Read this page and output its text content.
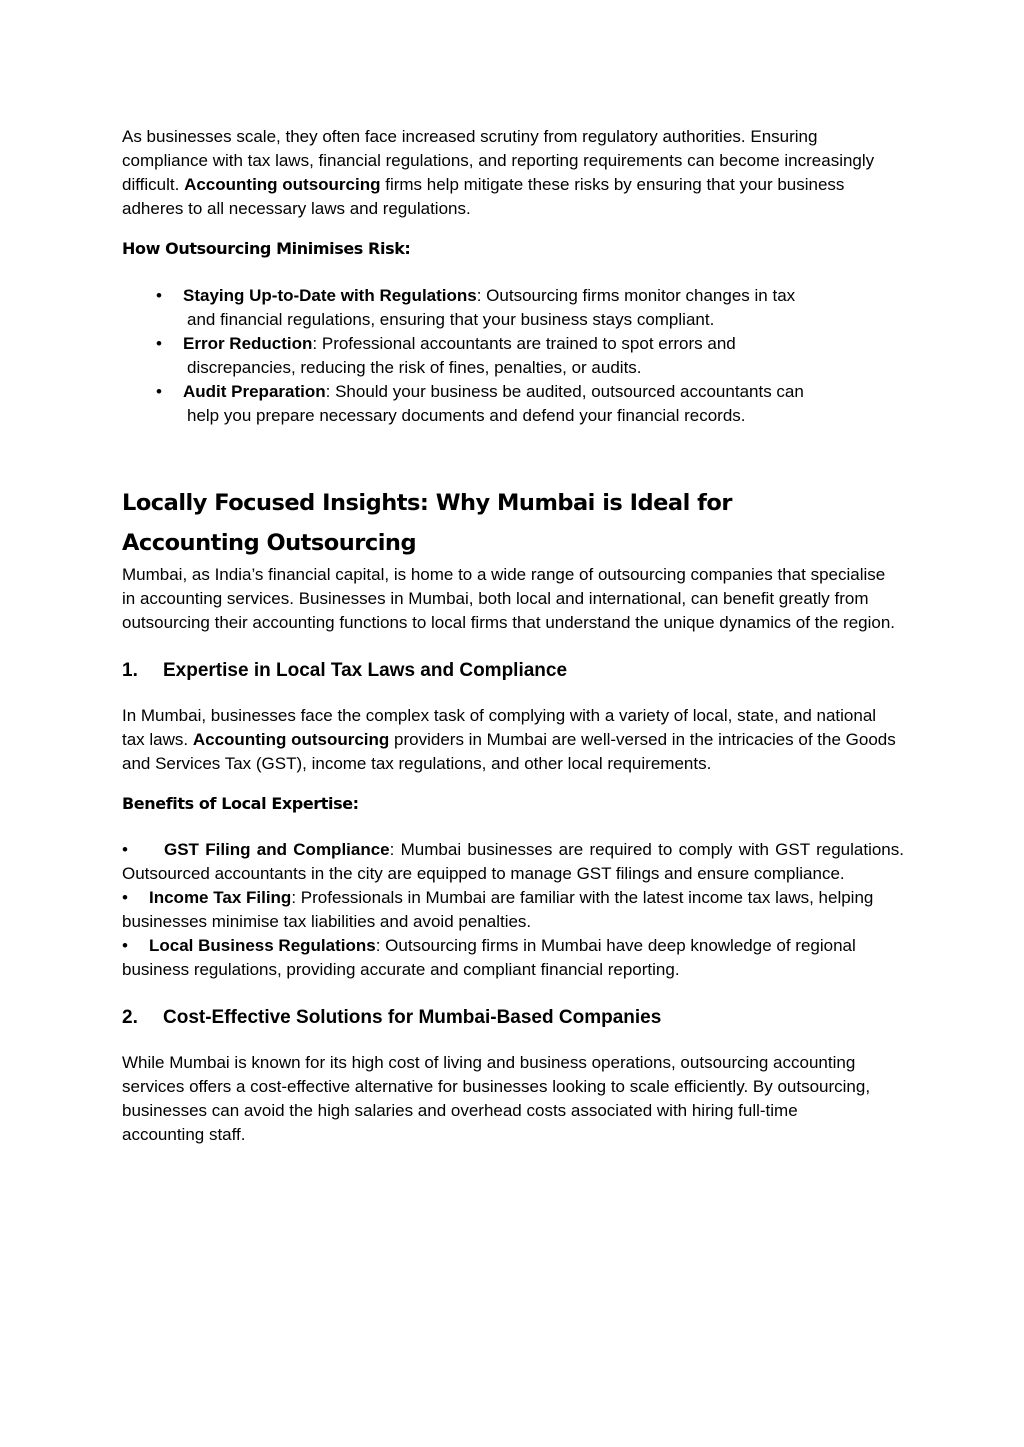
As businesses scale, they often face increased scrutiny from regulatory authorities. Ensuring compliance with tax laws, financial regulations, and reporting requirements can become increasingly difficult. Accounting outsourcing firms help mitigate these risks by ensuring that your business adheres to all necessary laws and regulations.

How Outsourcing Minimises Risk:
• Staying Up-to-Date with Regulations: Outsourcing firms monitor changes in tax
and financial regulations, ensuring that your business stays compliant.
• Error Reduction: Professional accountants are trained to spot errors and
discrepancies, reducing the risk of fines, penalties, or audits.
• Audit Preparation: Should your business be audited, outsourced accountants can
help you prepare necessary documents and defend your financial records.
Locally Focused Insights: Why Mumbai is Ideal for Accounting Outsourcing

Mumbai, as India’s financial capital, is home to a wide range of outsourcing companies that specialise in accounting services. Businesses in Mumbai, both local and international, can benefit greatly from outsourcing their accounting functions to local firms that understand the unique dynamics of the region.

1. Expertise in Local Tax Laws and Compliance

In Mumbai, businesses face the complex task of complying with a variety of local, state, and national tax laws. Accounting outsourcing providers in Mumbai are well-versed in the intricacies of the Goods and Services Tax (GST), income tax regulations, and other local requirements.

Benefits of Local Expertise:

• GST Filing and Compliance: Mumbai businesses are required to comply with GST regulations. Outsourced accountants in the city are equipped to manage GST filings and ensure compliance.

• Income Tax Filing: Professionals in Mumbai are familiar with the latest income tax laws, helping businesses minimise tax liabilities and avoid penalties.

• Local Business Regulations: Outsourcing firms in Mumbai have deep knowledge of regional business regulations, providing accurate and compliant financial reporting.

2. Cost-Effective Solutions for Mumbai-Based Companies

While Mumbai is known for its high cost of living and business operations, outsourcing accounting services offers a cost-effective alternative for businesses looking to scale efficiently. By outsourcing, businesses can avoid the high salaries and overhead costs associated with hiring full-time accounting staff.
